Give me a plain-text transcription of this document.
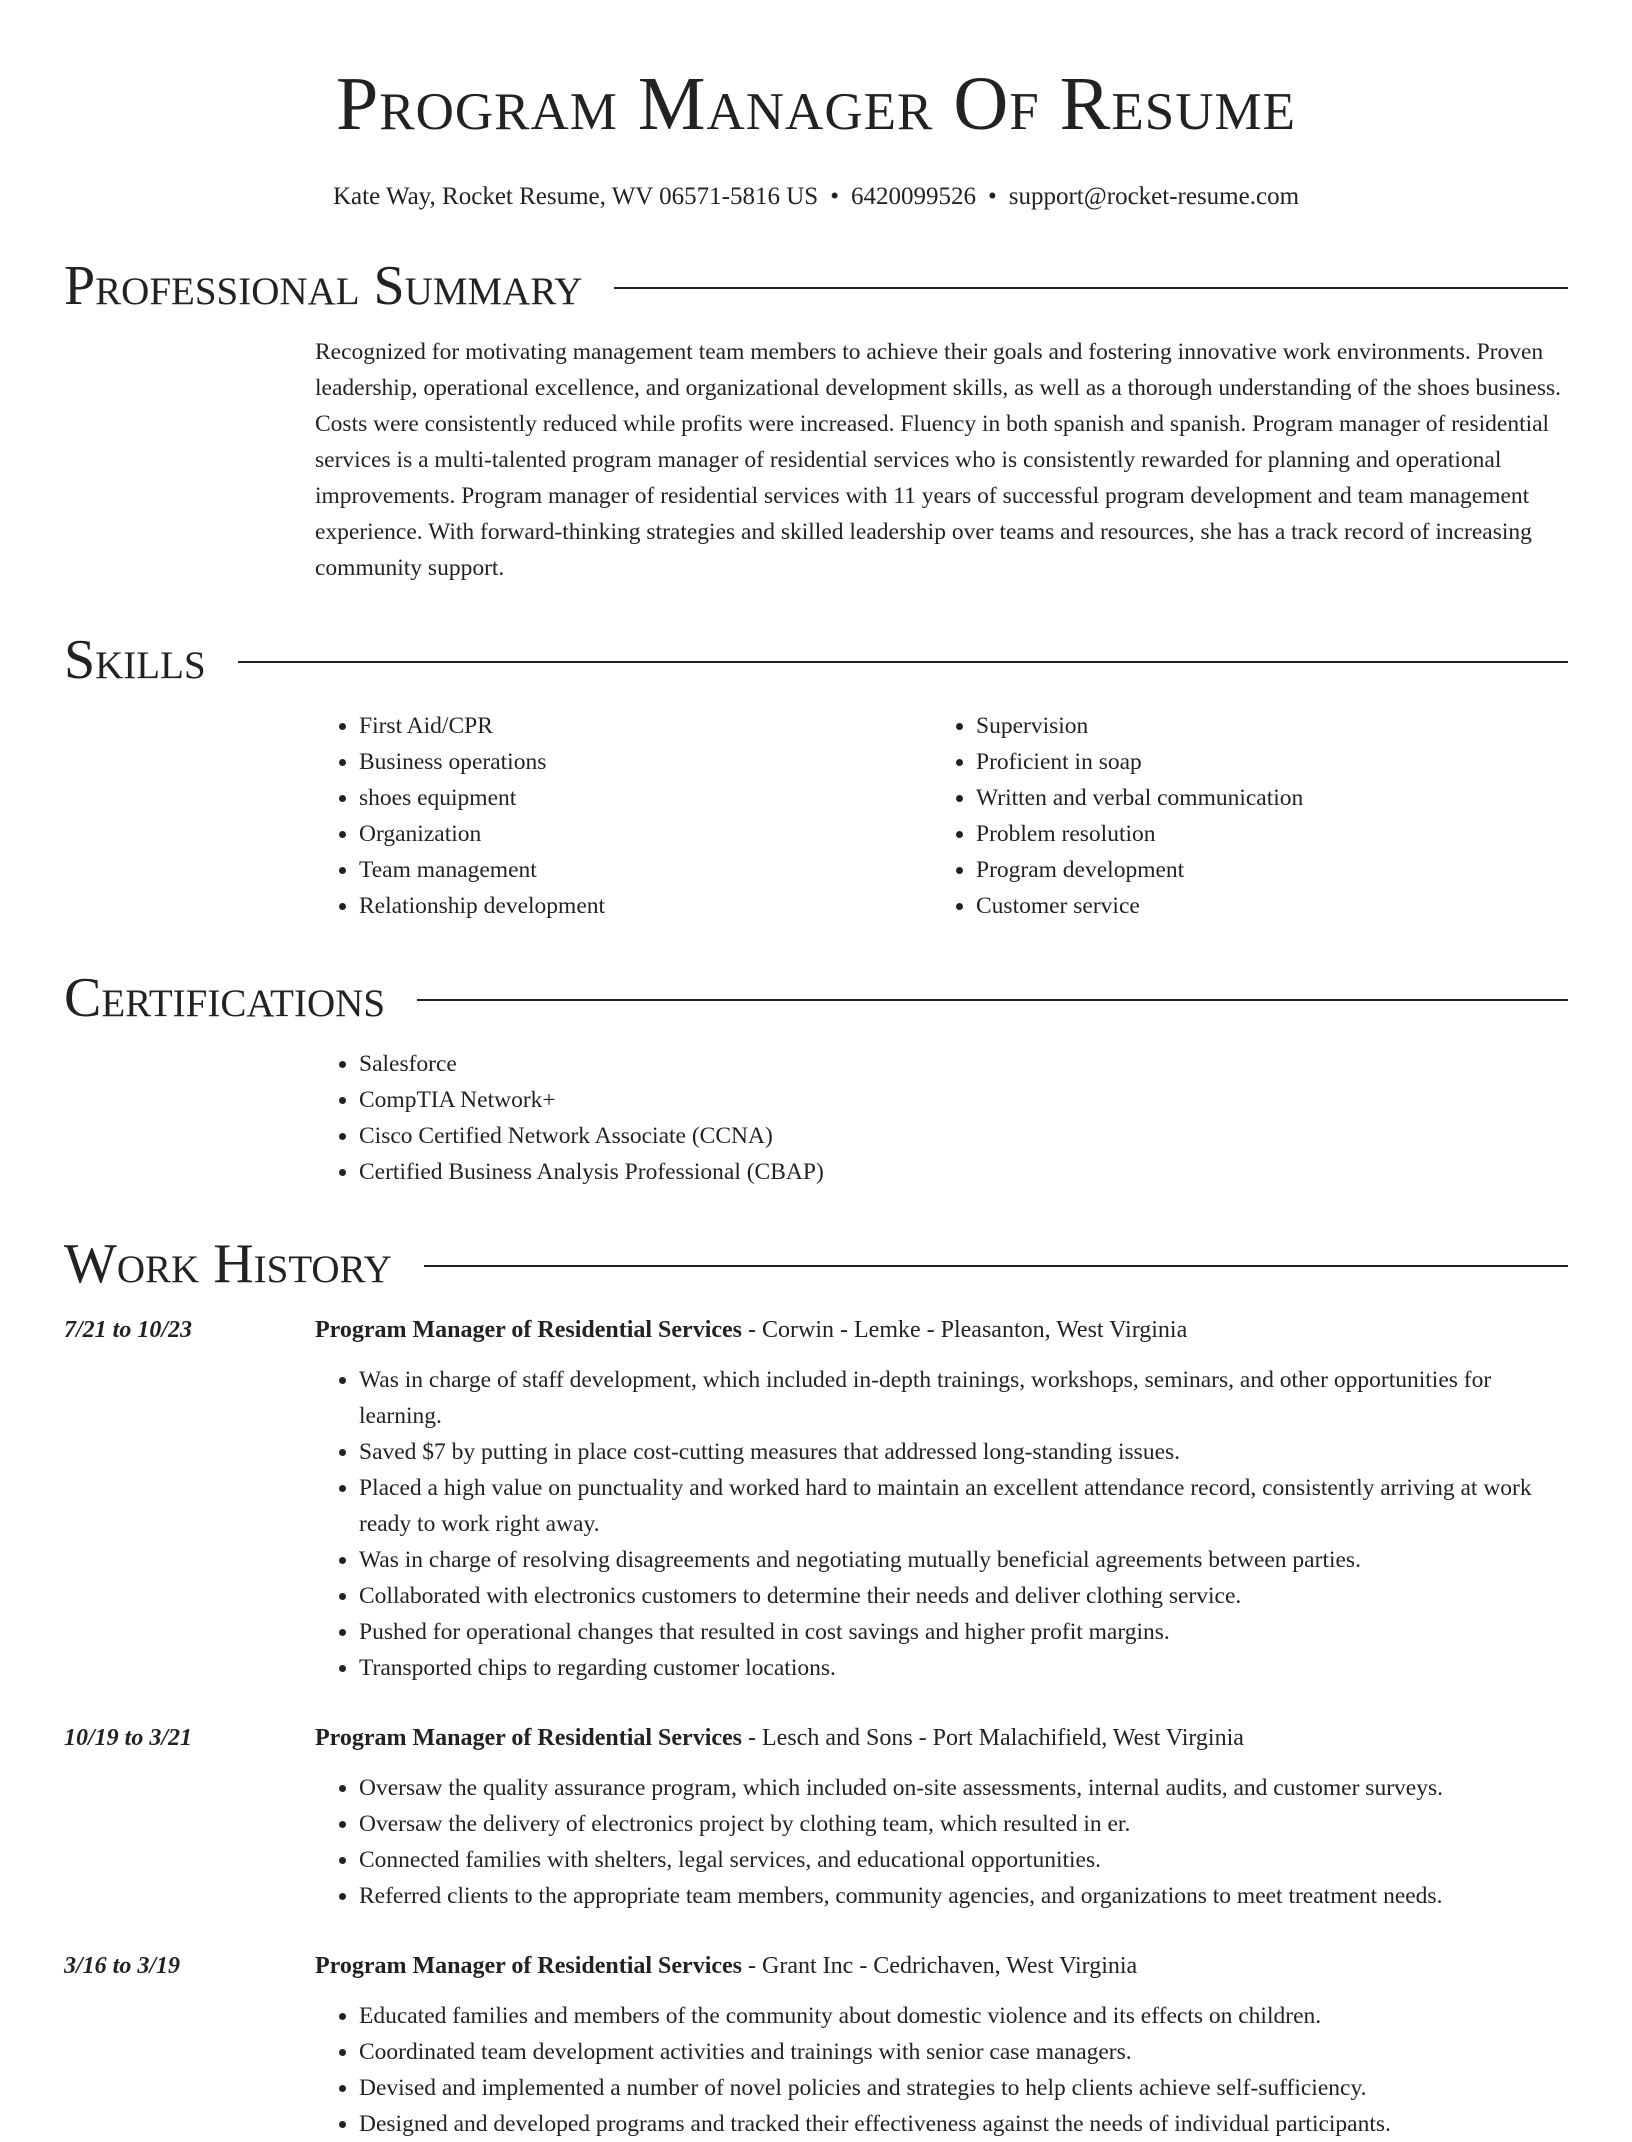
Program Manager Of Resume
Kate Way, Rocket Resume, WV 06571-5816 US • 6420099526 • support@rocket-resume.com
Professional Summary
Recognized for motivating management team members to achieve their goals and fostering innovative work environments. Proven leadership, operational excellence, and organizational development skills, as well as a thorough understanding of the shoes business. Costs were consistently reduced while profits were increased. Fluency in both spanish and spanish. Program manager of residential services is a multi-talented program manager of residential services who is consistently rewarded for planning and operational improvements. Program manager of residential services with 11 years of successful program development and team management experience. With forward-thinking strategies and skilled leadership over teams and resources, she has a track record of increasing community support.
Skills
• First Aid/CPR
• Business operations
• shoes equipment
• Organization
• Team management
• Relationship development
• Supervision
• Proficient in soap
• Written and verbal communication
• Problem resolution
• Program development
• Customer service
Certifications
• Salesforce
• CompTIA Network+
• Cisco Certified Network Associate (CCNA)
• Certified Business Analysis Professional (CBAP)
Work History
7/21 to 10/23	Program Manager of Residential Services - Corwin - Lemke - Pleasanton, West Virginia
• Was in charge of staff development, which included in-depth trainings, workshops, seminars, and other opportunities for learning.
• Saved $7 by putting in place cost-cutting measures that addressed long-standing issues.
• Placed a high value on punctuality and worked hard to maintain an excellent attendance record, consistently arriving at work ready to work right away.
• Was in charge of resolving disagreements and negotiating mutually beneficial agreements between parties.
• Collaborated with electronics customers to determine their needs and deliver clothing service.
• Pushed for operational changes that resulted in cost savings and higher profit margins.
• Transported chips to regarding customer locations.
10/19 to 3/21	Program Manager of Residential Services - Lesch and Sons - Port Malachifield, West Virginia
• Oversaw the quality assurance program, which included on-site assessments, internal audits, and customer surveys.
• Oversaw the delivery of electronics project by clothing team, which resulted in er.
• Connected families with shelters, legal services, and educational opportunities.
• Referred clients to the appropriate team members, community agencies, and organizations to meet treatment needs.
3/16 to 3/19	Program Manager of Residential Services - Grant Inc - Cedrichaven, West Virginia
• Educated families and members of the community about domestic violence and its effects on children.
• Coordinated team development activities and trainings with senior case managers.
• Devised and implemented a number of novel policies and strategies to help clients achieve self-sufficiency.
• Designed and developed programs and tracked their effectiveness against the needs of individual participants.
